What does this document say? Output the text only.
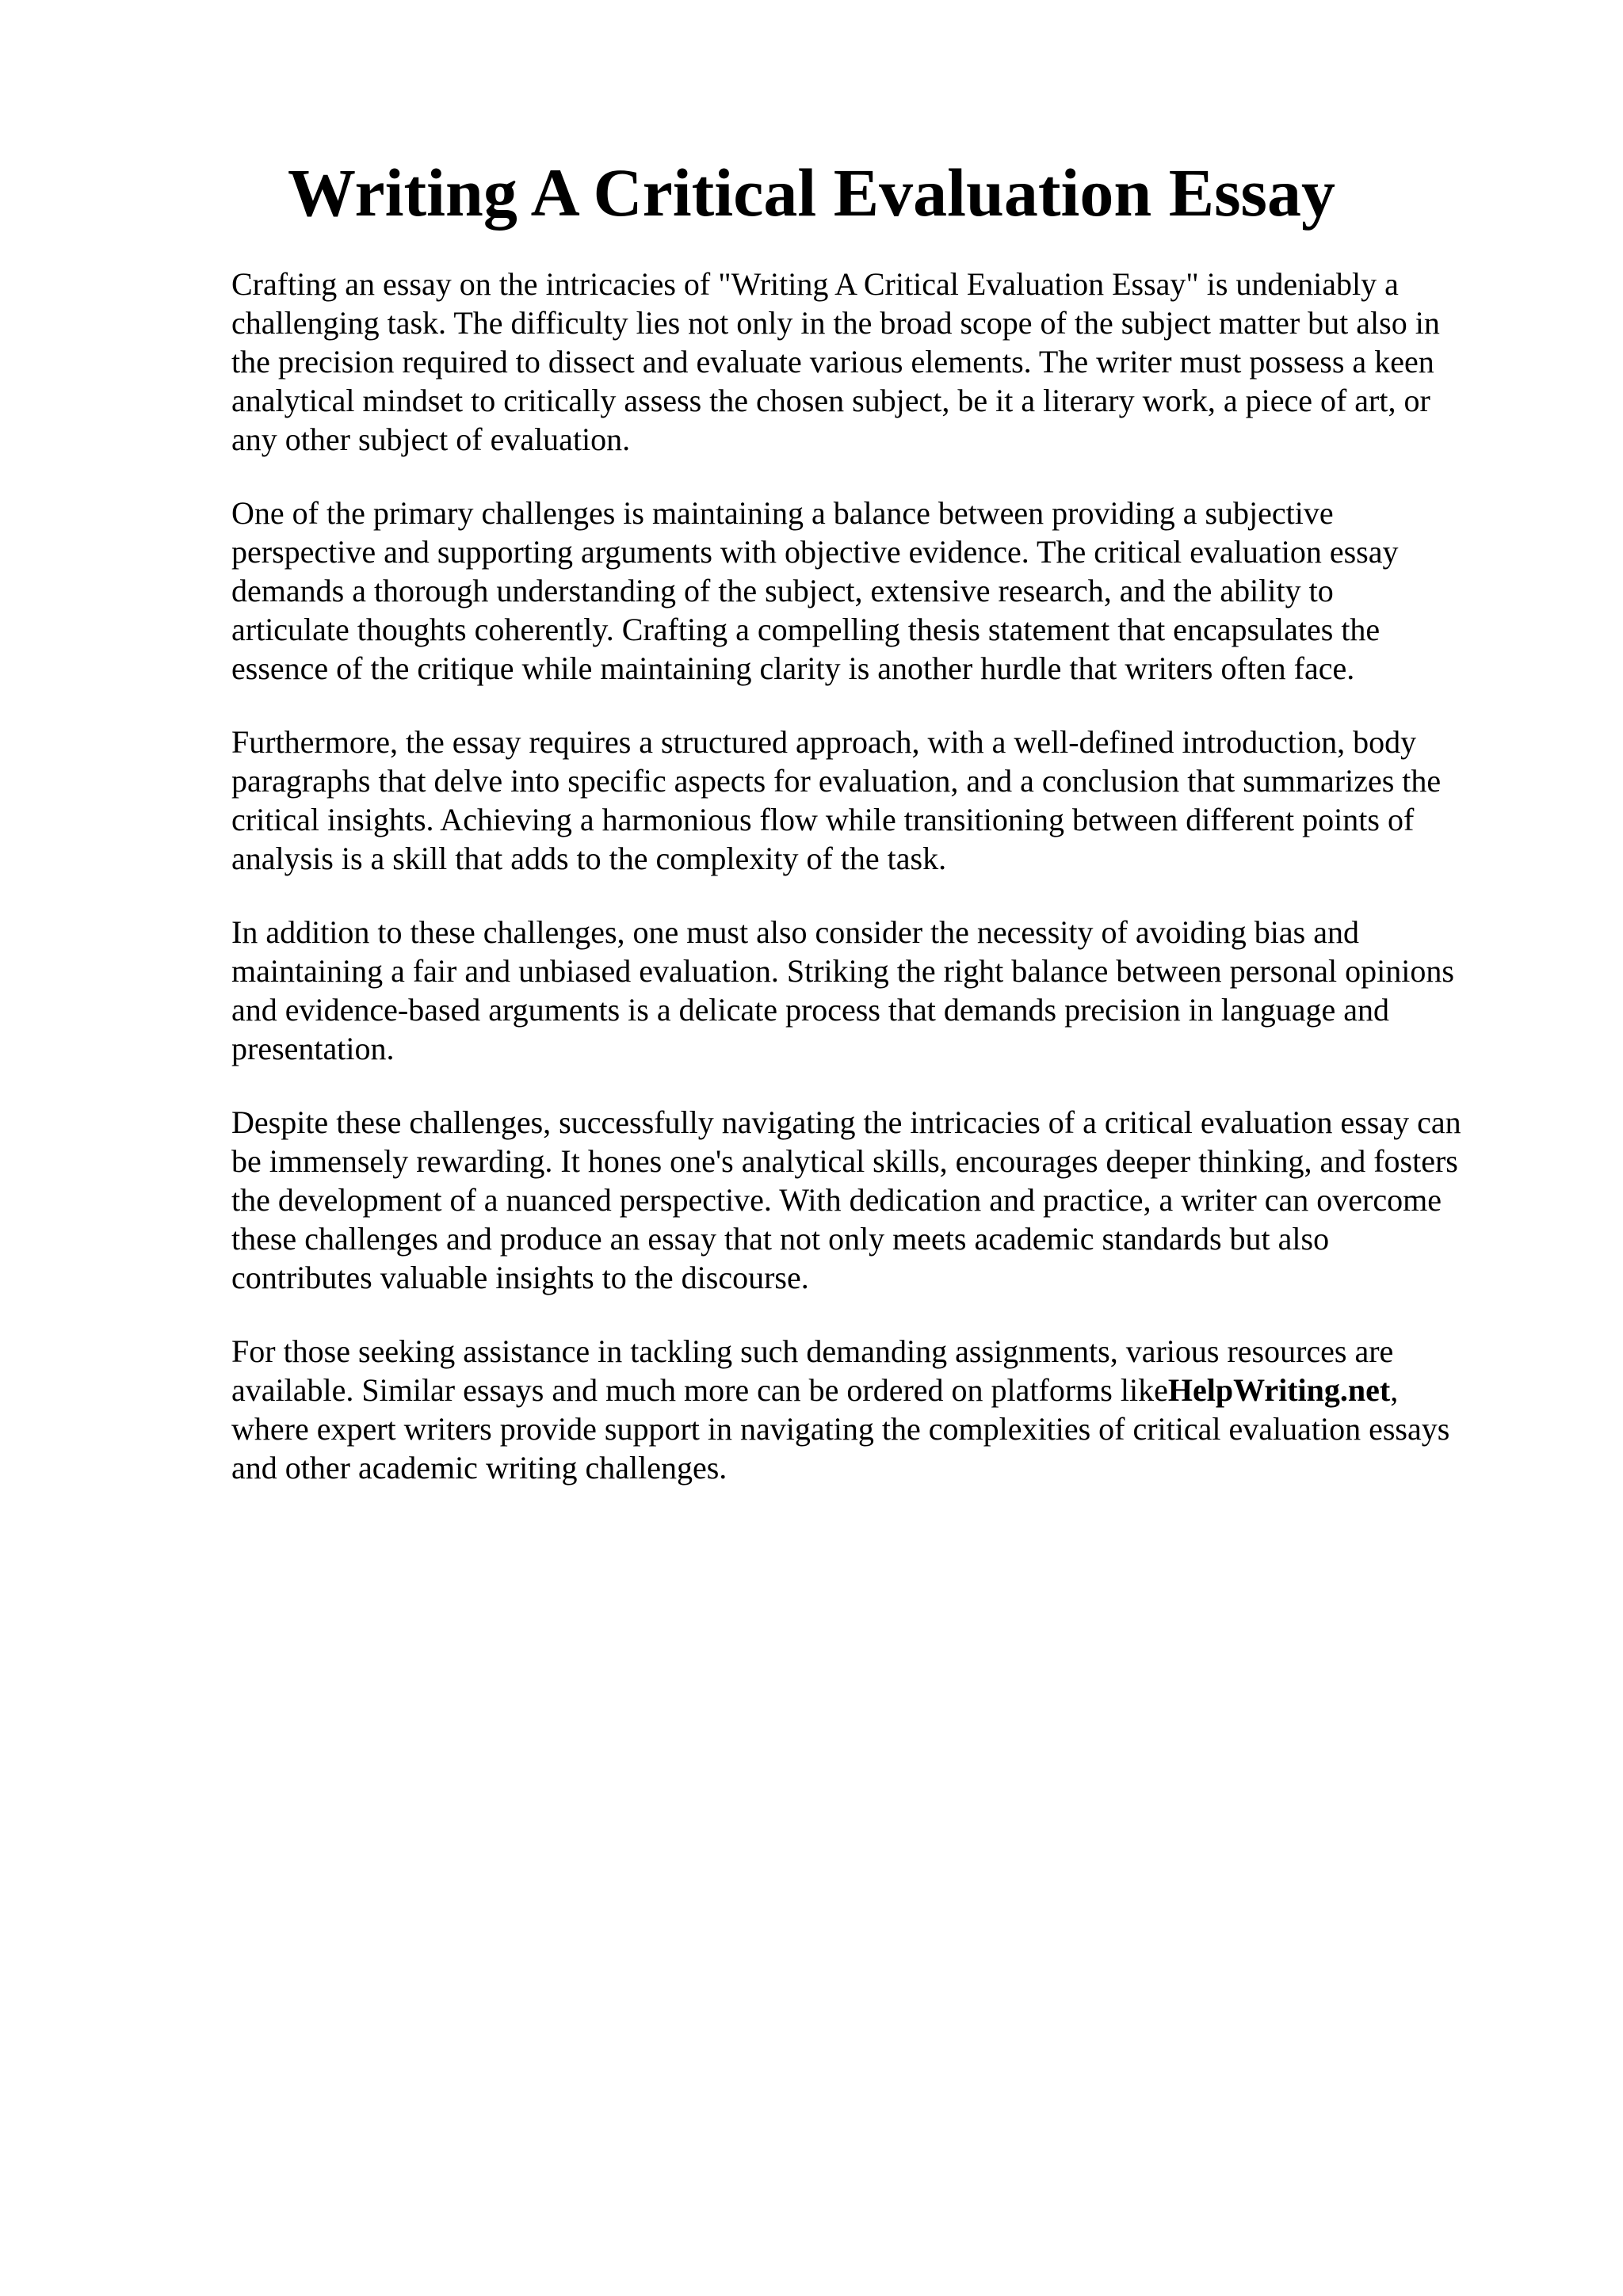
Writing A Critical Evaluation Essay

Crafting an essay on the intricacies of "Writing A Critical Evaluation Essay" is undeniably a
challenging task. The difficulty lies not only in the broad scope of the subject matter but also in
the precision required to dissect and evaluate various elements. The writer must possess a keen
analytical mindset to critically assess the chosen subject, be it a literary work, a piece of art, or
any other subject of evaluation.

One of the primary challenges is maintaining a balance between providing a subjective
perspective and supporting arguments with objective evidence. The critical evaluation essay
demands a thorough understanding of the subject, extensive research, and the ability to
articulate thoughts coherently. Crafting a compelling thesis statement that encapsulates the
essence of the critique while maintaining clarity is another hurdle that writers often face.

Furthermore, the essay requires a structured approach, with a well-defined introduction, body
paragraphs that delve into specific aspects for evaluation, and a conclusion that summarizes the
critical insights. Achieving a harmonious flow while transitioning between different points of
analysis is a skill that adds to the complexity of the task.

In addition to these challenges, one must also consider the necessity of avoiding bias and
maintaining a fair and unbiased evaluation. Striking the right balance between personal opinions
and evidence-based arguments is a delicate process that demands precision in language and
presentation.

Despite these challenges, successfully navigating the intricacies of a critical evaluation essay can
be immensely rewarding. It hones one's analytical skills, encourages deeper thinking, and fosters
the development of a nuanced perspective. With dedication and practice, a writer can overcome
these challenges and produce an essay that not only meets academic standards but also
contributes valuable insights to the discourse.

For those seeking assistance in tackling such demanding assignments, various resources are
available. Similar essays and much more can be ordered on platforms likeHelpWriting.net,
where expert writers provide support in navigating the complexities of critical evaluation essays
and other academic writing challenges.
